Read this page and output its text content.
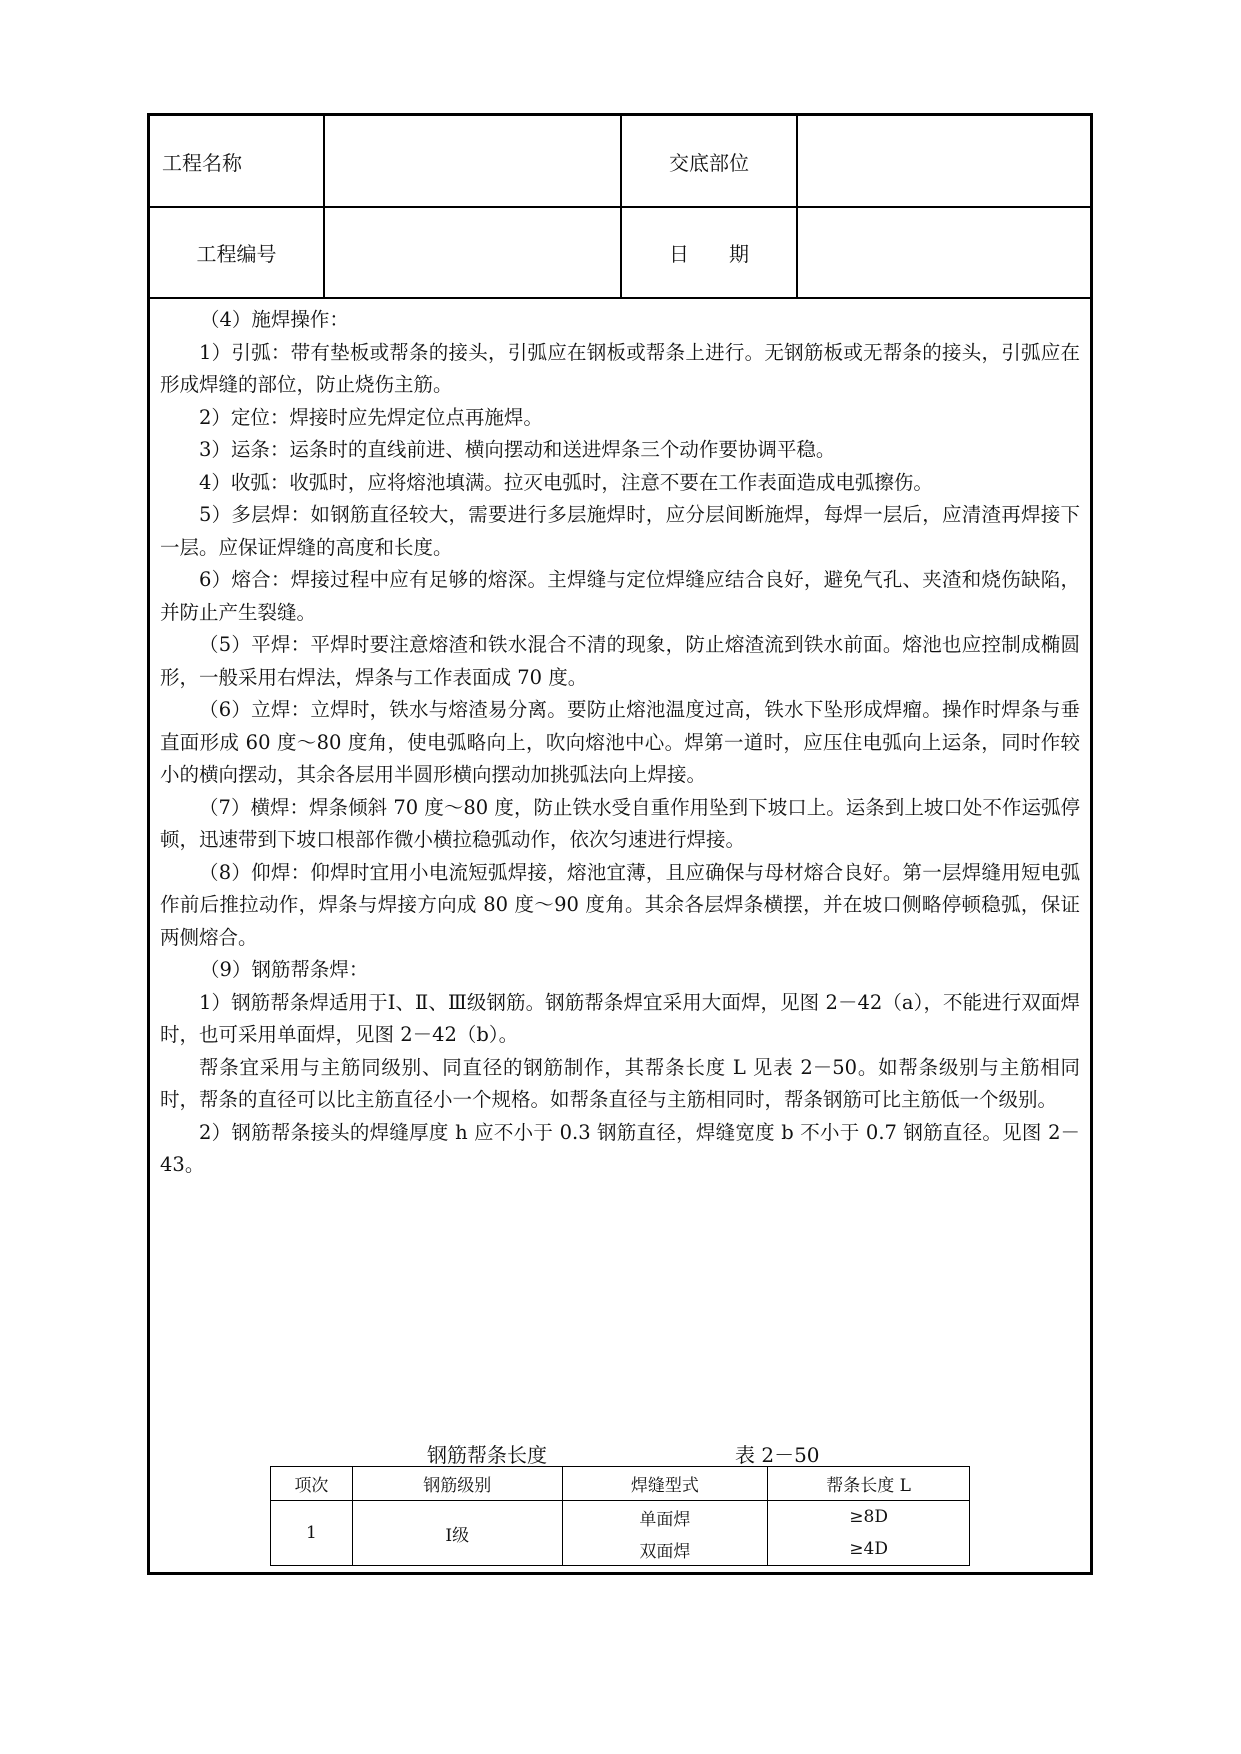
工程名称	交底部位
工程编号	日　　期

（4）施焊操作：

1）引弧：带有垫板或帮条的接头，引弧应在钢板或帮条上进行。无钢筋板或无帮条的接头，引弧应在形成焊缝的部位，防止烧伤主筋。

2）定位：焊接时应先焊定位点再施焊。

3）运条：运条时的直线前进、横向摆动和送进焊条三个动作要协调平稳。

4）收弧：收弧时，应将熔池填满。拉灭电弧时，注意不要在工作表面造成电弧擦伤。

5）多层焊：如钢筋直径较大，需要进行多层施焊时，应分层间断施焊，每焊一层后，应清渣再焊接下一层。应保证焊缝的高度和长度。

6）熔合：焊接过程中应有足够的熔深。主焊缝与定位焊缝应结合良好，避免气孔、夹渣和烧伤缺陷，并防止产生裂缝。

（5）平焊：平焊时要注意熔渣和铁水混合不清的现象，防止熔渣流到铁水前面。熔池也应控制成椭圆形，一般采用右焊法，焊条与工作表面成 70 度。

（6）立焊：立焊时，铁水与熔渣易分离。要防止熔池温度过高，铁水下坠形成焊瘤。操作时焊条与垂直面形成 60 度～80 度角，使电弧略向上，吹向熔池中心。焊第一道时，应压住电弧向上运条，同时作较小的横向摆动，其余各层用半圆形横向摆动加挑弧法向上焊接。

（7）横焊：焊条倾斜 70 度～80 度，防止铁水受自重作用坠到下坡口上。运条到上坡口处不作运弧停顿，迅速带到下坡口根部作微小横拉稳弧动作，依次匀速进行焊接。

（8）仰焊：仰焊时宜用小电流短弧焊接，熔池宜薄，且应确保与母材熔合良好。第一层焊缝用短电弧作前后推拉动作，焊条与焊接方向成 80 度～90 度角。其余各层焊条横摆，并在坡口侧略停顿稳弧，保证两侧熔合。

（9）钢筋帮条焊：

1）钢筋帮条焊适用于Ⅰ、Ⅱ、Ⅲ级钢筋。钢筋帮条焊宜采用大面焊，见图 2－42（a），不能进行双面焊时，也可采用单面焊，见图 2－42（b）。

帮条宜采用与主筋同级别、同直径的钢筋制作，其帮条长度 L 见表 2－50。如帮条级别与主筋相同时，帮条的直径可以比主筋直径小一个规格。如帮条直径与主筋相同时，帮条钢筋可比主筋低一个级别。

2）钢筋帮条接头的焊缝厚度 h 应不小于 0.3 钢筋直径，焊缝宽度 b 不小于 0.7 钢筋直径。见图 2－43。

钢筋帮条长度	表 2－50
项次	钢筋级别	焊缝型式	帮条长度 L
1	Ⅰ级	单面焊	≥8D
		双面焊	≥4D
